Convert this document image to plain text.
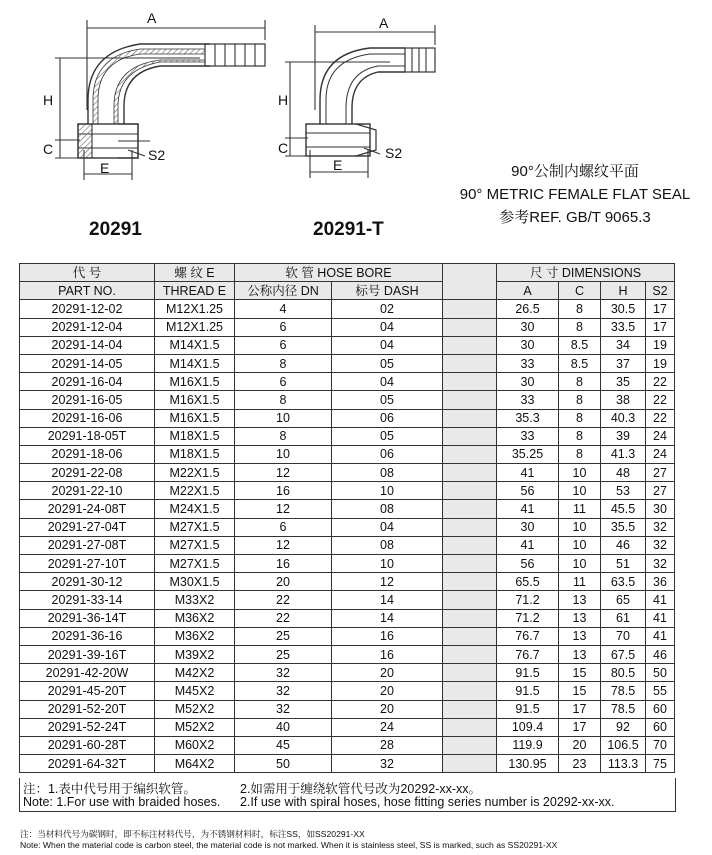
A
H
C
E
S2
20291
A
H
C
E
S2
20291-T
90°公制内螺纹平面
90° METRIC FEMALE FLAT SEAL
参考REF. GB/T 9065.3
代 号	螺 纹 E	软 管 HOSE BORE			尺 寸 DIMENSIONS			
PART NO.	THREAD E	公称内径 DN	标号 DASH		A	C	H	S2
20291-12-02	M12X1.25	4	02		26.5	8	30.5	17
20291-12-04	M12X1.25	6	04		30	8	33.5	17
20291-14-04	M14X1.5	6	04		30	8.5	34	19
20291-14-05	M14X1.5	8	05		33	8.5	37	19
20291-16-04	M16X1.5	6	04		30	8	35	22
20291-16-05	M16X1.5	8	05		33	8	38	22
20291-16-06	M16X1.5	10	06		35.3	8	40.3	22
20291-18-05T	M18X1.5	8	05		33	8	39	24
20291-18-06	M18X1.5	10	06		35.25	8	41.3	24
20291-22-08	M22X1.5	12	08		41	10	48	27
20291-22-10	M22X1.5	16	10		56	10	53	27
20291-24-08T	M24X1.5	12	08		41	11	45.5	30
20291-27-04T	M27X1.5	6	04		30	10	35.5	32
20291-27-08T	M27X1.5	12	08		41	10	46	32
20291-27-10T	M27X1.5	16	10		56	10	51	32
20291-30-12	M30X1.5	20	12		65.5	11	63.5	36
20291-33-14	M33X2	22	14		71.2	13	65	41
20291-36-14T	M36X2	22	14		71.2	13	61	41
20291-36-16	M36X2	25	16		76.7	13	70	41
20291-39-16T	M39X2	25	16		76.7	13	67.5	46
20291-42-20W	M42X2	32	20		91.5	15	80.5	50
20291-45-20T	M45X2	32	20		91.5	15	78.5	55
20291-52-20T	M52X2	32	20		91.5	17	78.5	60
20291-52-24T	M52X2	40	24		109.4	17	92	60
20291-60-28T	M60X2	45	28		119.9	20	106.5	70
20291-64-32T	M64X2	50	32		130.95	23	113.3	75
注：1.表中代号用于编织软管。	2.如需用于缠绕软管代号改为20292-xx-xx。
Note: 1.For use with braided hoses. 2.If use with spiral hoses, hose fitting series number is 20292-xx-xx.
注：当材料代号为碳钢时，即不标注材料代号，为不锈钢材料时，标注SS，如SS20291-XX
Note: When the material code is carbon steel, the material code is not marked. When it is stainless steel, SS is marked, such as SS20291-XX
